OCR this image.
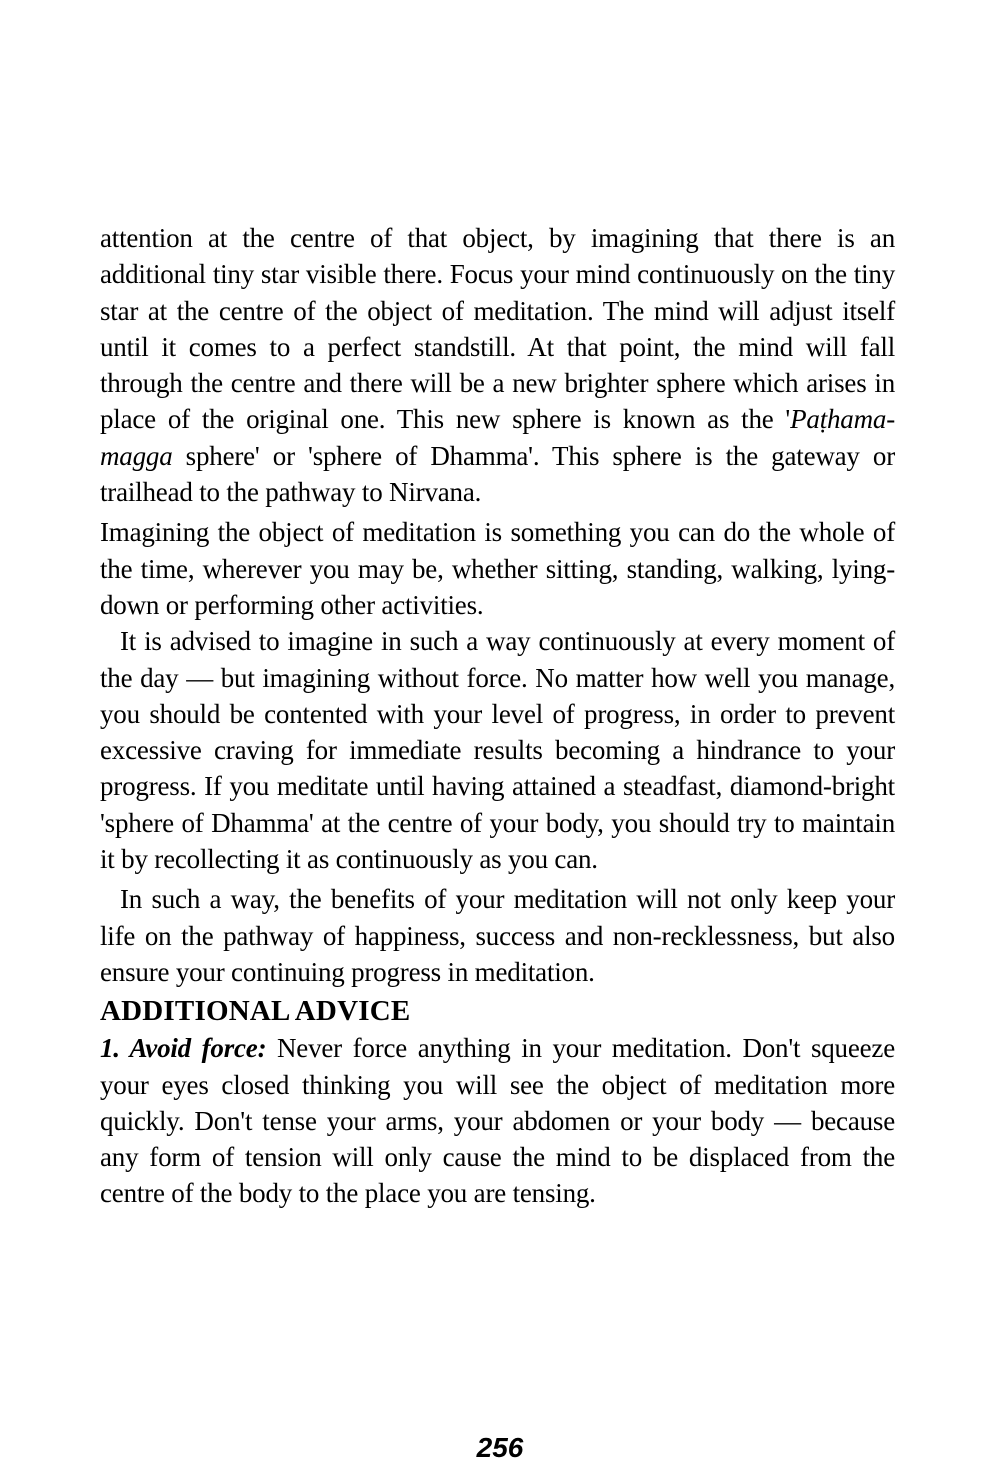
attention at the centre of that object, by imagining that there is an additional tiny star visible there. Focus your mind continuously on the tiny star at the centre of the object of meditation. The mind will adjust itself until it comes to a perfect standstill. At that point, the mind will fall through the centre and there will be a new brighter sphere which arises in place of the original one. This new sphere is known as the 'Paṭhama-magga sphere' or 'sphere of Dhamma'. This sphere is the gateway or trailhead to the pathway to Nirvana.

Imagining the object of meditation is something you can do the whole of the time, wherever you may be, whether sitting, standing, walking, lying-down or performing other activities.

It is advised to imagine in such a way continuously at every moment of the day — but imagining without force. No matter how well you manage, you should be contented with your level of progress, in order to prevent excessive craving for immediate results becoming a hindrance to your progress. If you meditate until having attained a steadfast, diamond-bright 'sphere of Dhamma' at the centre of your body, you should try to maintain it by recollecting it as continuously as you can.

In such a way, the benefits of your meditation will not only keep your life on the pathway of happiness, success and non-recklessness, but also ensure your continuing progress in meditation.

ADDITIONAL ADVICE

1. Avoid force: Never force anything in your meditation. Don't squeeze your eyes closed thinking you will see the object of meditation more quickly. Don't tense your arms, your abdomen or your body — because any form of tension will only cause the mind to be displaced from the centre of the body to the place you are tensing.

256
